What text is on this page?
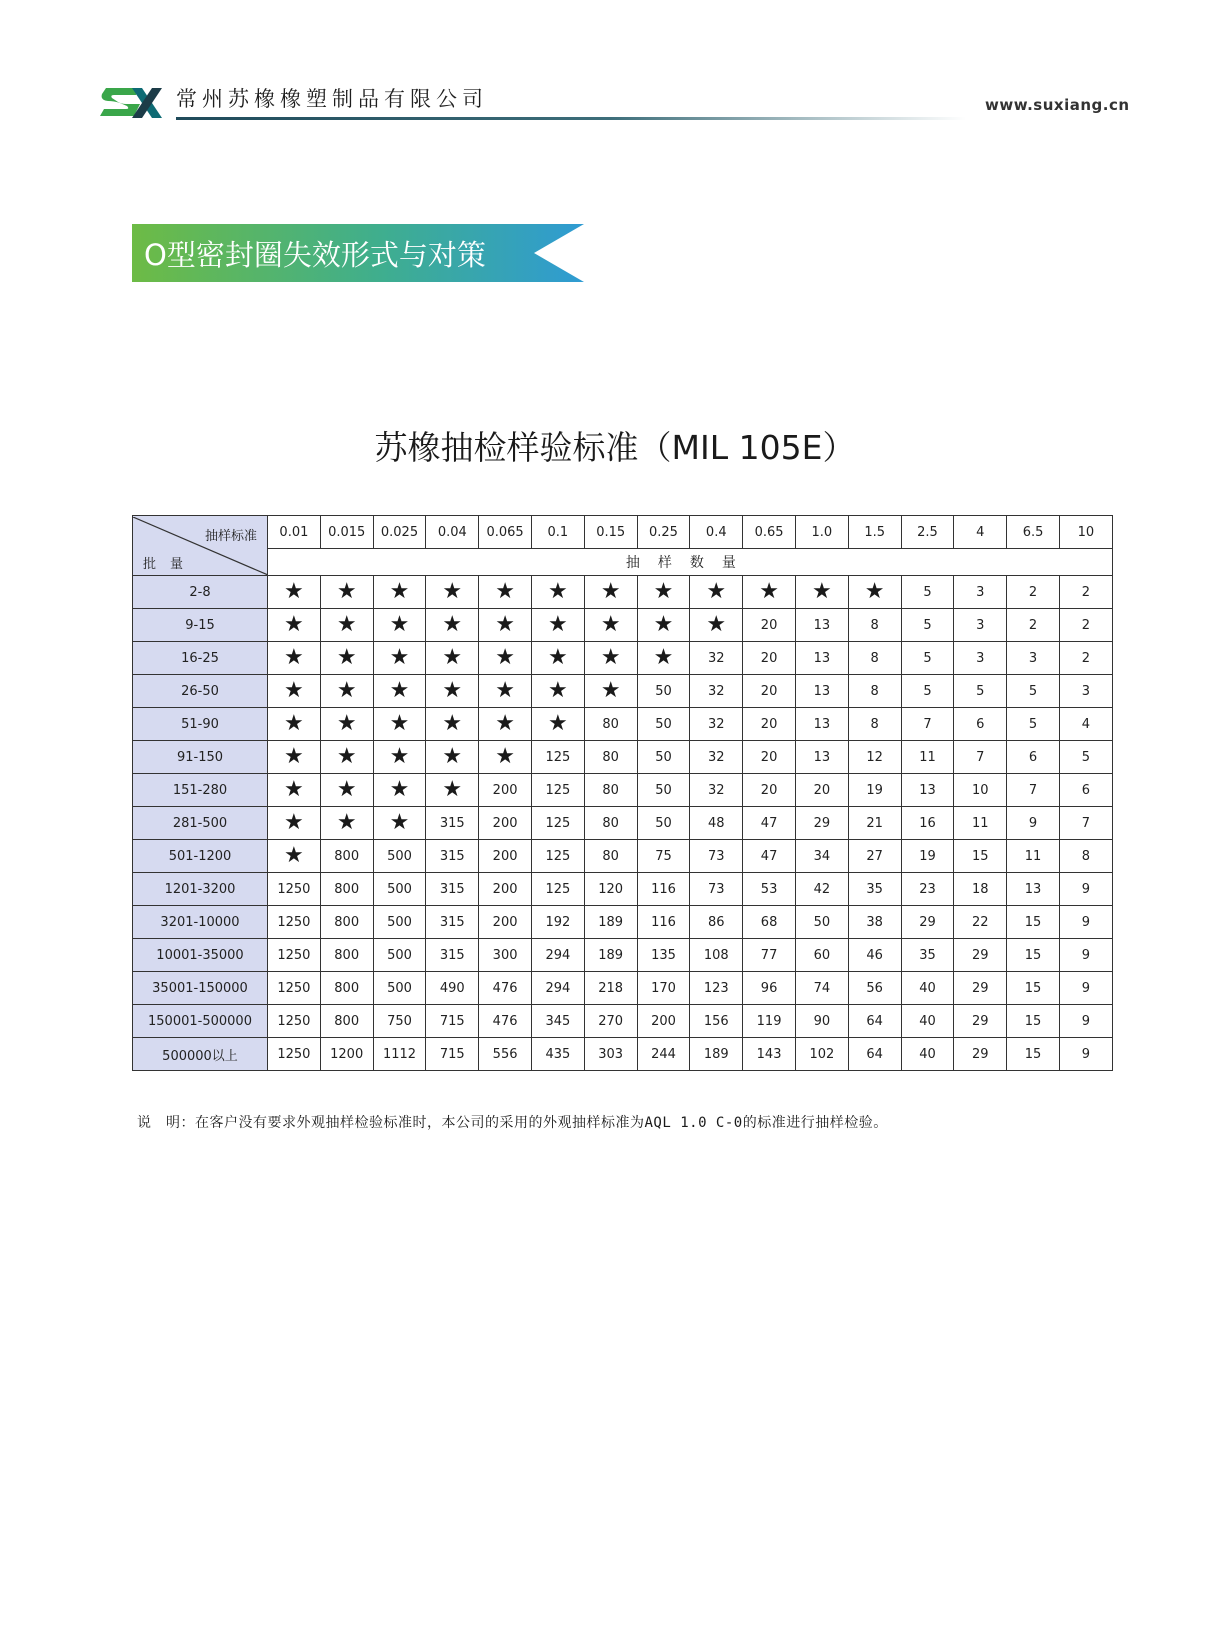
常州苏橡橡塑制品有限公司	www.suxiang.cn
O型密封圈失效形式与对策
苏橡抽检样验标准（MIL 105E）
抽样标准
批量	0.01	0.015	0.025	0.04	0.065	0.1	0.15	0.25	0.4	0.65	1.0	1.5	2.5	4	6.5	10
	抽样数量															
2-8	★	★	★	★	★	★	★	★	★	★	★	★	5	3	2	2
9-15	★	★	★	★	★	★	★	★	★	20	13	8	5	3	2	2
16-25	★	★	★	★	★	★	★	★	32	20	13	8	5	3	3	2
26-50	★	★	★	★	★	★	★	50	32	20	13	8	5	5	5	3
51-90	★	★	★	★	★	★	80	50	32	20	13	8	7	6	5	4
91-150	★	★	★	★	★	125	80	50	32	20	13	12	11	7	6	5
151-280	★	★	★	★	200	125	80	50	32	20	20	19	13	10	7	6
281-500	★	★	★	315	200	125	80	50	48	47	29	21	16	11	9	7
501-1200	★	800	500	315	200	125	80	75	73	47	34	27	19	15	11	8
1201-3200	1250	800	500	315	200	125	120	116	73	53	42	35	23	18	13	9
3201-10000	1250	800	500	315	200	192	189	116	86	68	50	38	29	22	15	9
10001-35000	1250	800	500	315	300	294	189	135	108	77	60	46	35	29	15	9
35001-150000	1250	800	500	490	476	294	218	170	123	96	74	56	40	29	15	9
150001-500000	1250	800	750	715	476	345	270	200	156	119	90	64	40	29	15	9
500000以上	1250	1200	1112	715	556	435	303	244	189	143	102	64	40	29	15	9
说　明：在客户没有要求外观抽样检验标准时，本公司的采用的外观抽样标准为AQL 1.0 C-0的标准进行抽样检验。
